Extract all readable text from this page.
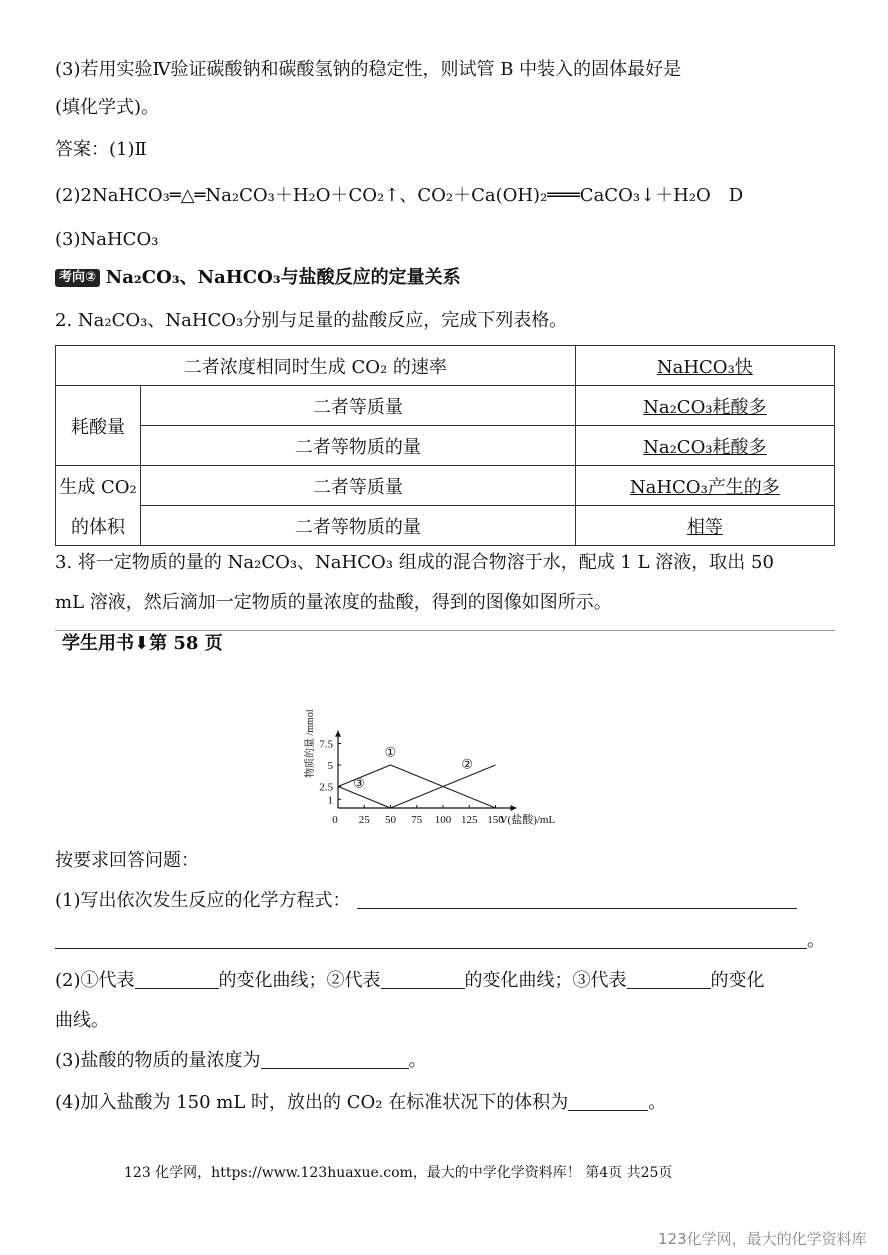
(3)若用实验Ⅳ验证碳酸钠和碳酸氢钠的稳定性，则试管 B 中装入的固体最好是
(填化学式)。
答案：(1)Ⅱ
(2)2NaHCO₃═△═Na₂CO₃＋H₂O＋CO₂↑、CO₂＋Ca(OH)₂═══CaCO₃↓＋H₂O　D
(3)NaHCO₃
考向② Na₂CO₃、NaHCO₃与盐酸反应的定量关系
2. Na₂CO₃、NaHCO₃分别与足量的盐酸反应，完成下列表格。
二者浓度相同时生成 CO₂ 的速率		NaHCO₃快
耗酸量	二者等质量	Na₂CO₃耗酸多
	二者等物质的量	Na₂CO₃耗酸多

生成 CO₂
的体积	二者等质量	NaHCO₃产生的多
	二者等物质的量	相等
3. 将一定物质的量的 Na₂CO₃、NaHCO₃ 组成的混合物溶于水，配成 1 L 溶液，取出 50
mL 溶液，然后滴加一定物质的量浓度的盐酸，得到的图像如图所示。
学生用书⬇第 58 页
0 25 50 75 100 125 150
V(盐酸)/mL
1
2.5
5
7.5
物质的量 /mmol	①
②
③
按要求回答问题：
(1)写出依次发生反应的化学方程式：
。
(2)①代表	的变化曲线；②代表	的变化曲线；③代表	的变化
曲线。
(3)盐酸的物质的量浓度为	。
(4)加入盐酸为 150 mL 时，放出的 CO₂ 在标准状况下的体积为	。
123 化学网，https://www.123huaxue.com，最大的中学化学资料库！ 第4页 共25页
123化学网，最大的化学资料库
